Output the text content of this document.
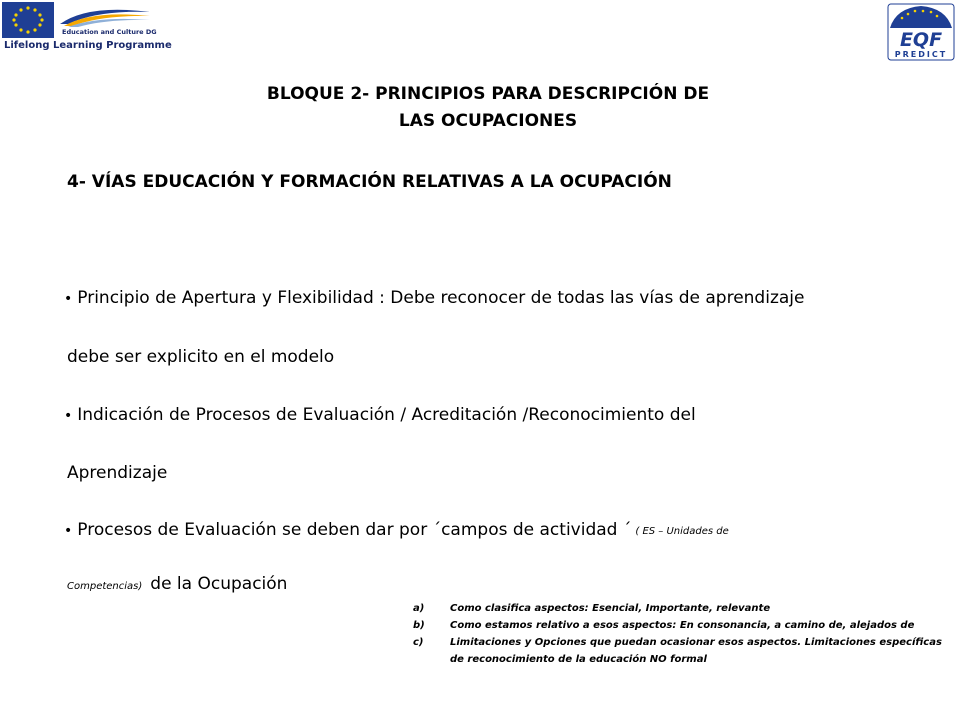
Education and Culture DG
Lifelong Learning Programme	EQF
PREDICT
BLOQUE 2- PRINCIPIOS PARA DESCRIPCIÓN DE
LAS OCUPACIONES
4- VÍAS EDUCACIÓN Y FORMACIÓN RELATIVAS A LA OCUPACIÓN
• Principio de Apertura y Flexibilidad : Debe reconocer de todas las vías de aprendizaje
debe ser explicito en el modelo
• Indicación de Procesos de Evaluación / Acreditación /Reconocimiento del
Aprendizaje
• Procesos de Evaluación se deben dar por ´campos de actividad ´ ( ES – Unidades de
Competencias) de la Ocupación
a)	Como clasifica aspectos: Esencial, Importante, relevante
b)	Como estamos relativo a esos aspectos: En consonancia, a camino de, alejados de
c)	Limitaciones y Opciones que puedan ocasionar esos aspectos. Limitaciones específicas de reconocimiento de la educación NO formal
